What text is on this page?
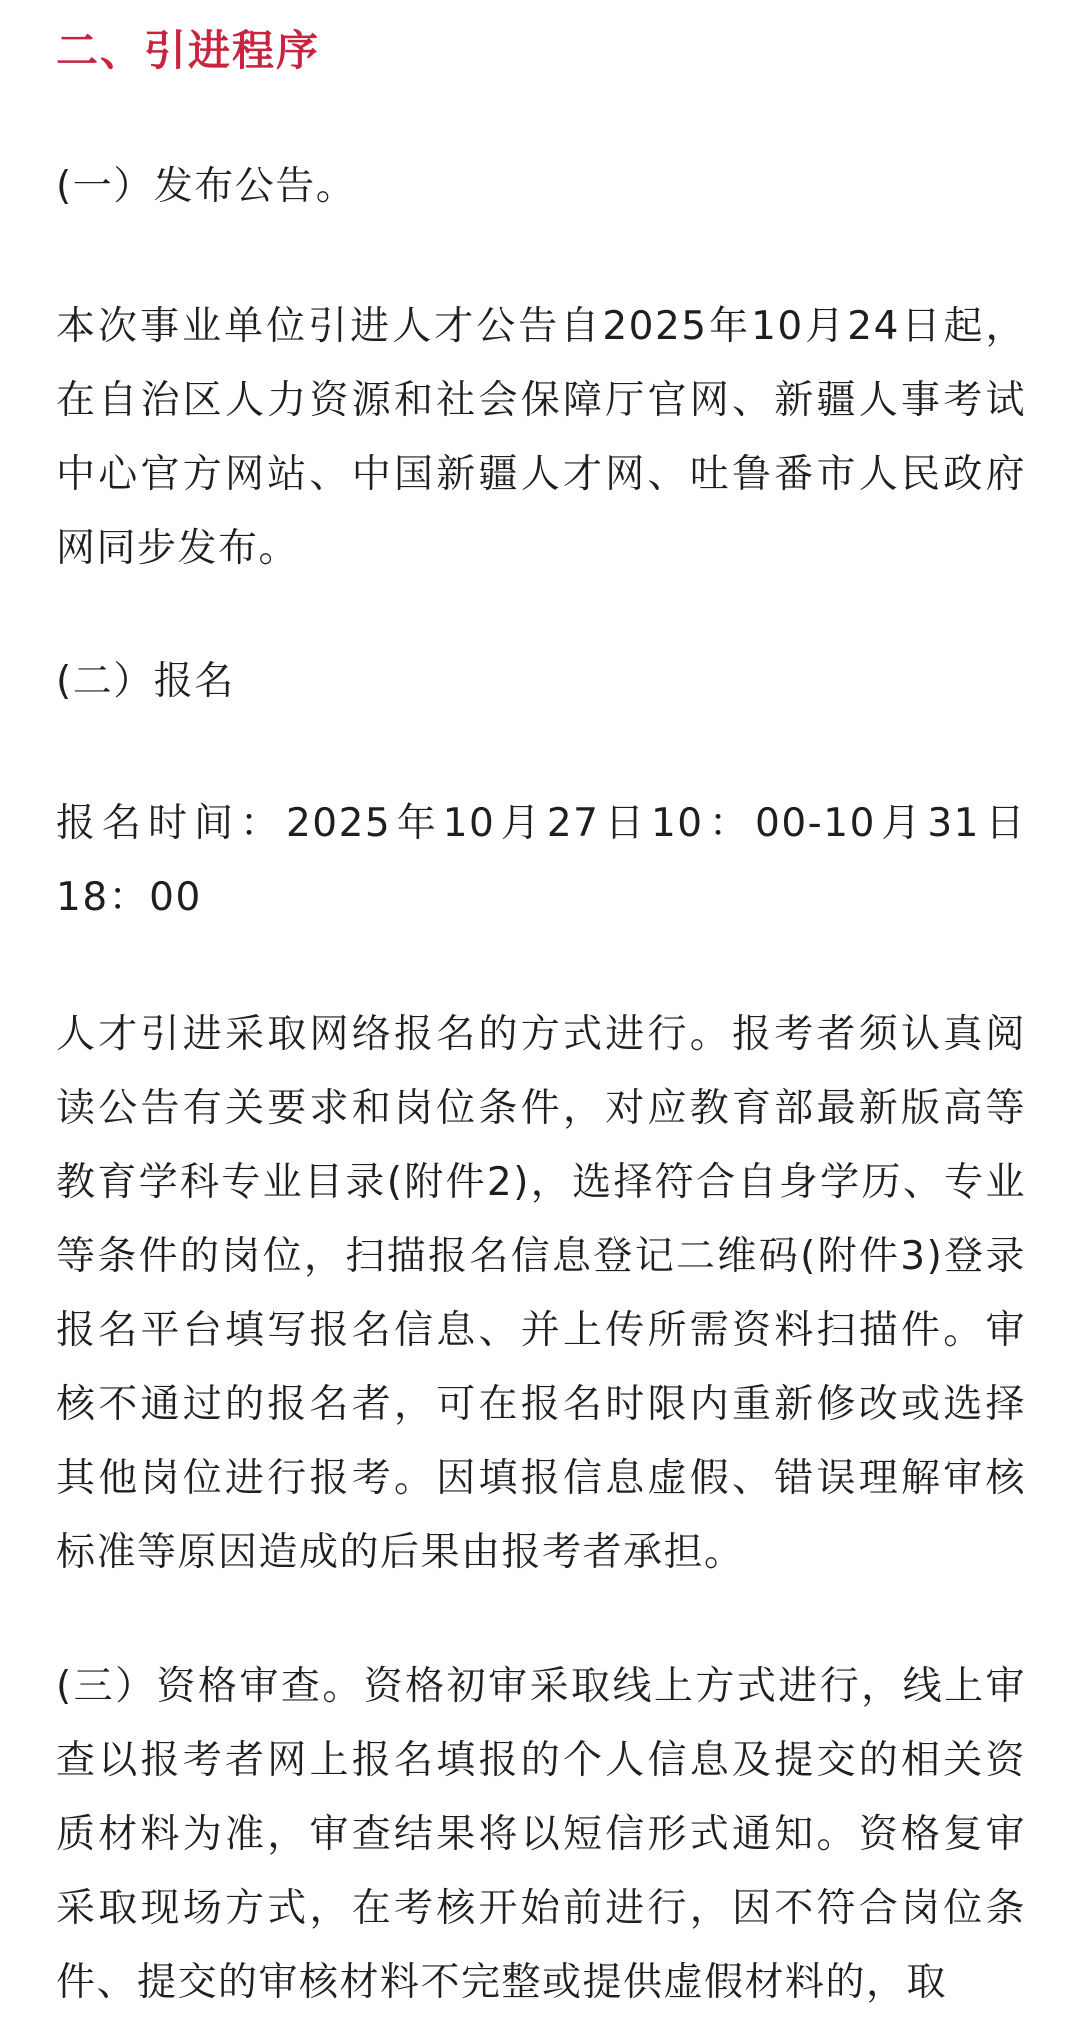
二、引进程序
(一）发布公告。
本次事业单位引进人才公告自2025年10月24日起，在自治区人力资源和社会保障厅官网、新疆人事考试中心官方网站、中国新疆人才网、吐鲁番市人民政府网同步发布。
(二）报名
报名时间：2025年10月27日10：00-10月31日18：00
人才引进采取网络报名的方式进行。报考者须认真阅读公告有关要求和岗位条件，对应教育部最新版高等教育学科专业目录(附件2)，选择符合自身学历、专业等条件的岗位，扫描报名信息登记二维码(附件3)登录报名平台填写报名信息、并上传所需资料扫描件。审核不通过的报名者，可在报名时限内重新修改或选择其他岗位进行报考。因填报信息虚假、错误理解审核标准等原因造成的后果由报考者承担。
(三）资格审查。资格初审采取线上方式进行，线上审查以报考者网上报名填报的个人信息及提交的相关资质材料为准，审查结果将以短信形式通知。资格复审采取现场方式，在考核开始前进行，因不符合岗位条件、提交的审核材料不完整或提供虚假材料的，取
